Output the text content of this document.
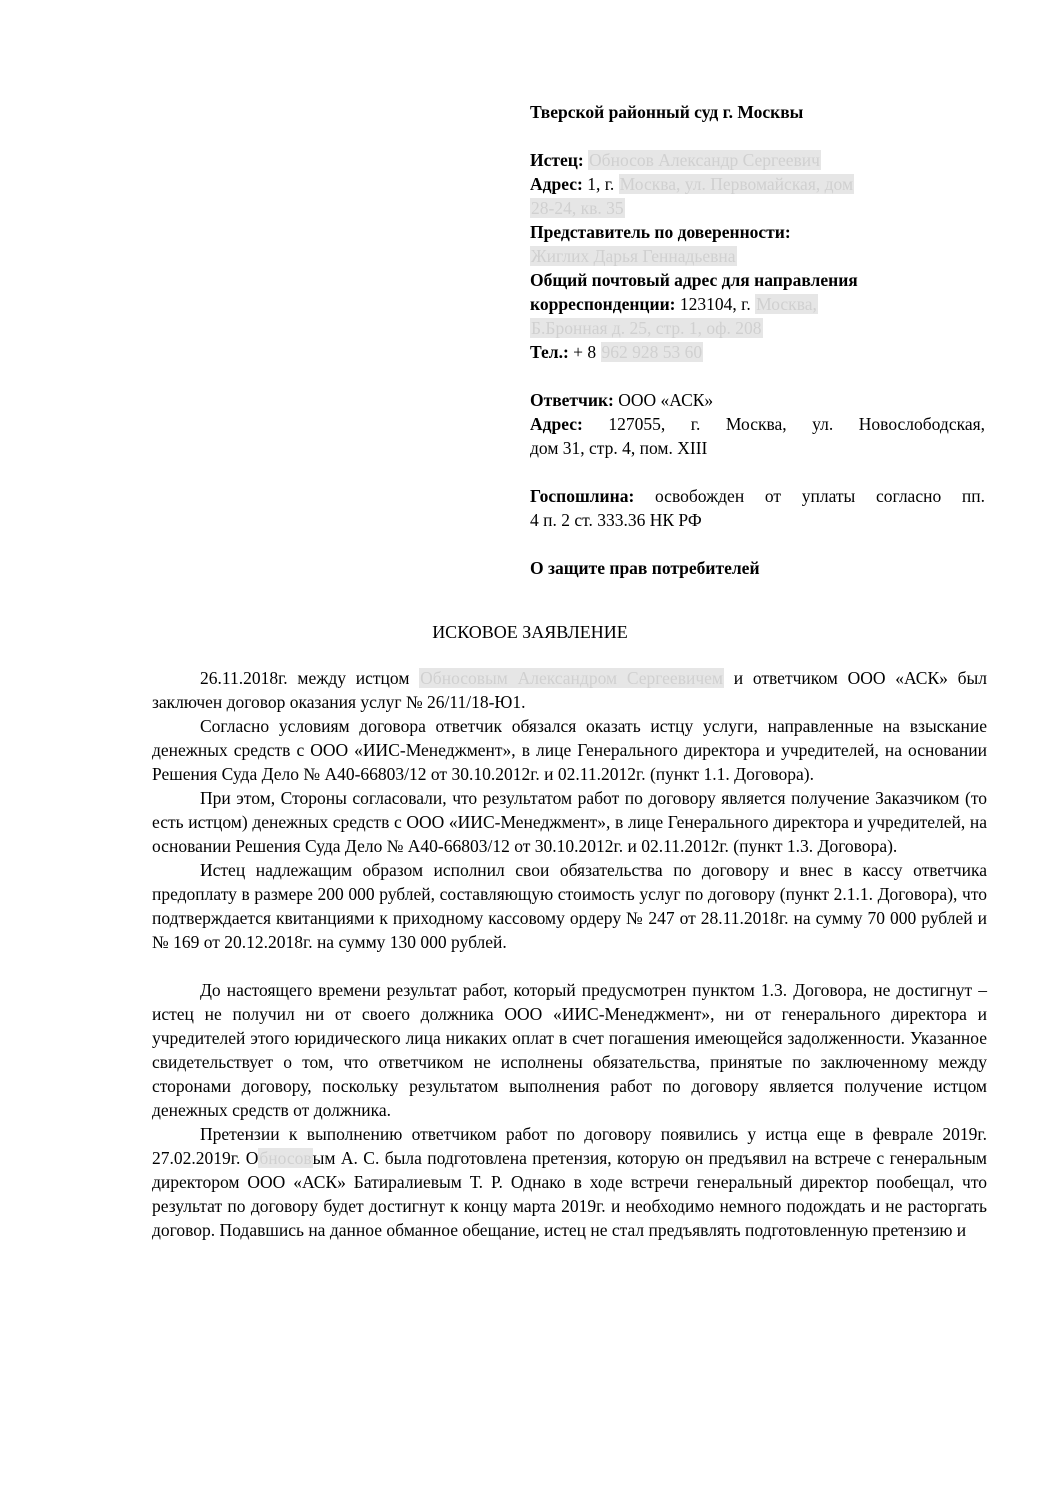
Тверской районный суд г. Москвы
Истец: Обносов Александр Сергеевич
Адрес: 1, г. Москва, ул. Первомайская, дом
28-24, кв. 35
Представитель по доверенности:
Жиглих Дарья Геннадьевна
Общий почтовый адрес для направления
корреспонденции: 123104, г. Москва,
Б.Бронная д. 25, стр. 1, оф. 208
Тел.: + 8 962 928 53 60
Ответчик: ООО «АСК»
Адрес: 127055, г. Москва, ул. Новослободская,
дом 31, стр. 4, пом. XIII
Госпошлина: освобожден от уплаты согласно пп.
4 п. 2 ст. 333.36 НК РФ
О защите прав потребителей
ИСКОВОЕ ЗАЯВЛЕНИЕ

26.11.2018г. между истцом Обносовым Александром Сергеевичем и ответчиком ООО «АСК» был заключен договор оказания услуг № 26/11/18-Ю1.

Согласно условиям договора ответчик обязался оказать истцу услуги, направленные на взыскание денежных средств с ООО «ИИС-Менеджмент», в лице Генерального директора и учредителей, на основании Решения Суда Дело № А40-66803/12 от 30.10.2012г. и 02.11.2012г. (пункт 1.1. Договора).

При этом, Стороны согласовали, что результатом работ по договору является получение Заказчиком (то есть истцом) денежных средств с ООО «ИИС-Менеджмент», в лице Генерального директора и учредителей, на основании Решения Суда Дело № А40-66803/12 от 30.10.2012г. и 02.11.2012г. (пункт 1.3. Договора).

Истец надлежащим образом исполнил свои обязательства по договору и внес в кассу ответчика предоплату в размере 200 000 рублей, составляющую стоимость услуг по договору (пункт 2.1.1. Договора), что подтверждается квитанциями к приходному кассовому ордеру № 247 от 28.11.2018г. на сумму 70 000 рублей и № 169 от 20.12.2018г. на сумму 130 000 рублей.

До настоящего времени результат работ, который предусмотрен пунктом 1.3. Договора, не достигнут – истец не получил ни от своего должника ООО «ИИС-Менеджмент», ни от генерального директора и учредителей этого юридического лица никаких оплат в счет погашения имеющейся задолженности. Указанное свидетельствует о том, что ответчиком не исполнены обязательства, принятые по заключенному между сторонами договору, поскольку результатом выполнения работ по договору является получение истцом денежных средств от должника.

Претензии к выполнению ответчиком работ по договору появились у истца еще в феврале 2019г. 27.02.2019г. Обносовым А. С. была подготовлена претензия, которую он предъявил на встрече с генеральным директором ООО «АСК» Батиралиевым Т. Р. Однако в ходе встречи генеральный директор пообещал, что результат по договору будет достигнут к концу марта 2019г. и необходимо немного подождать и не расторгать договор. Подавшись на данное обманное обещание, истец не стал предъявлять подготовленную претензию и
